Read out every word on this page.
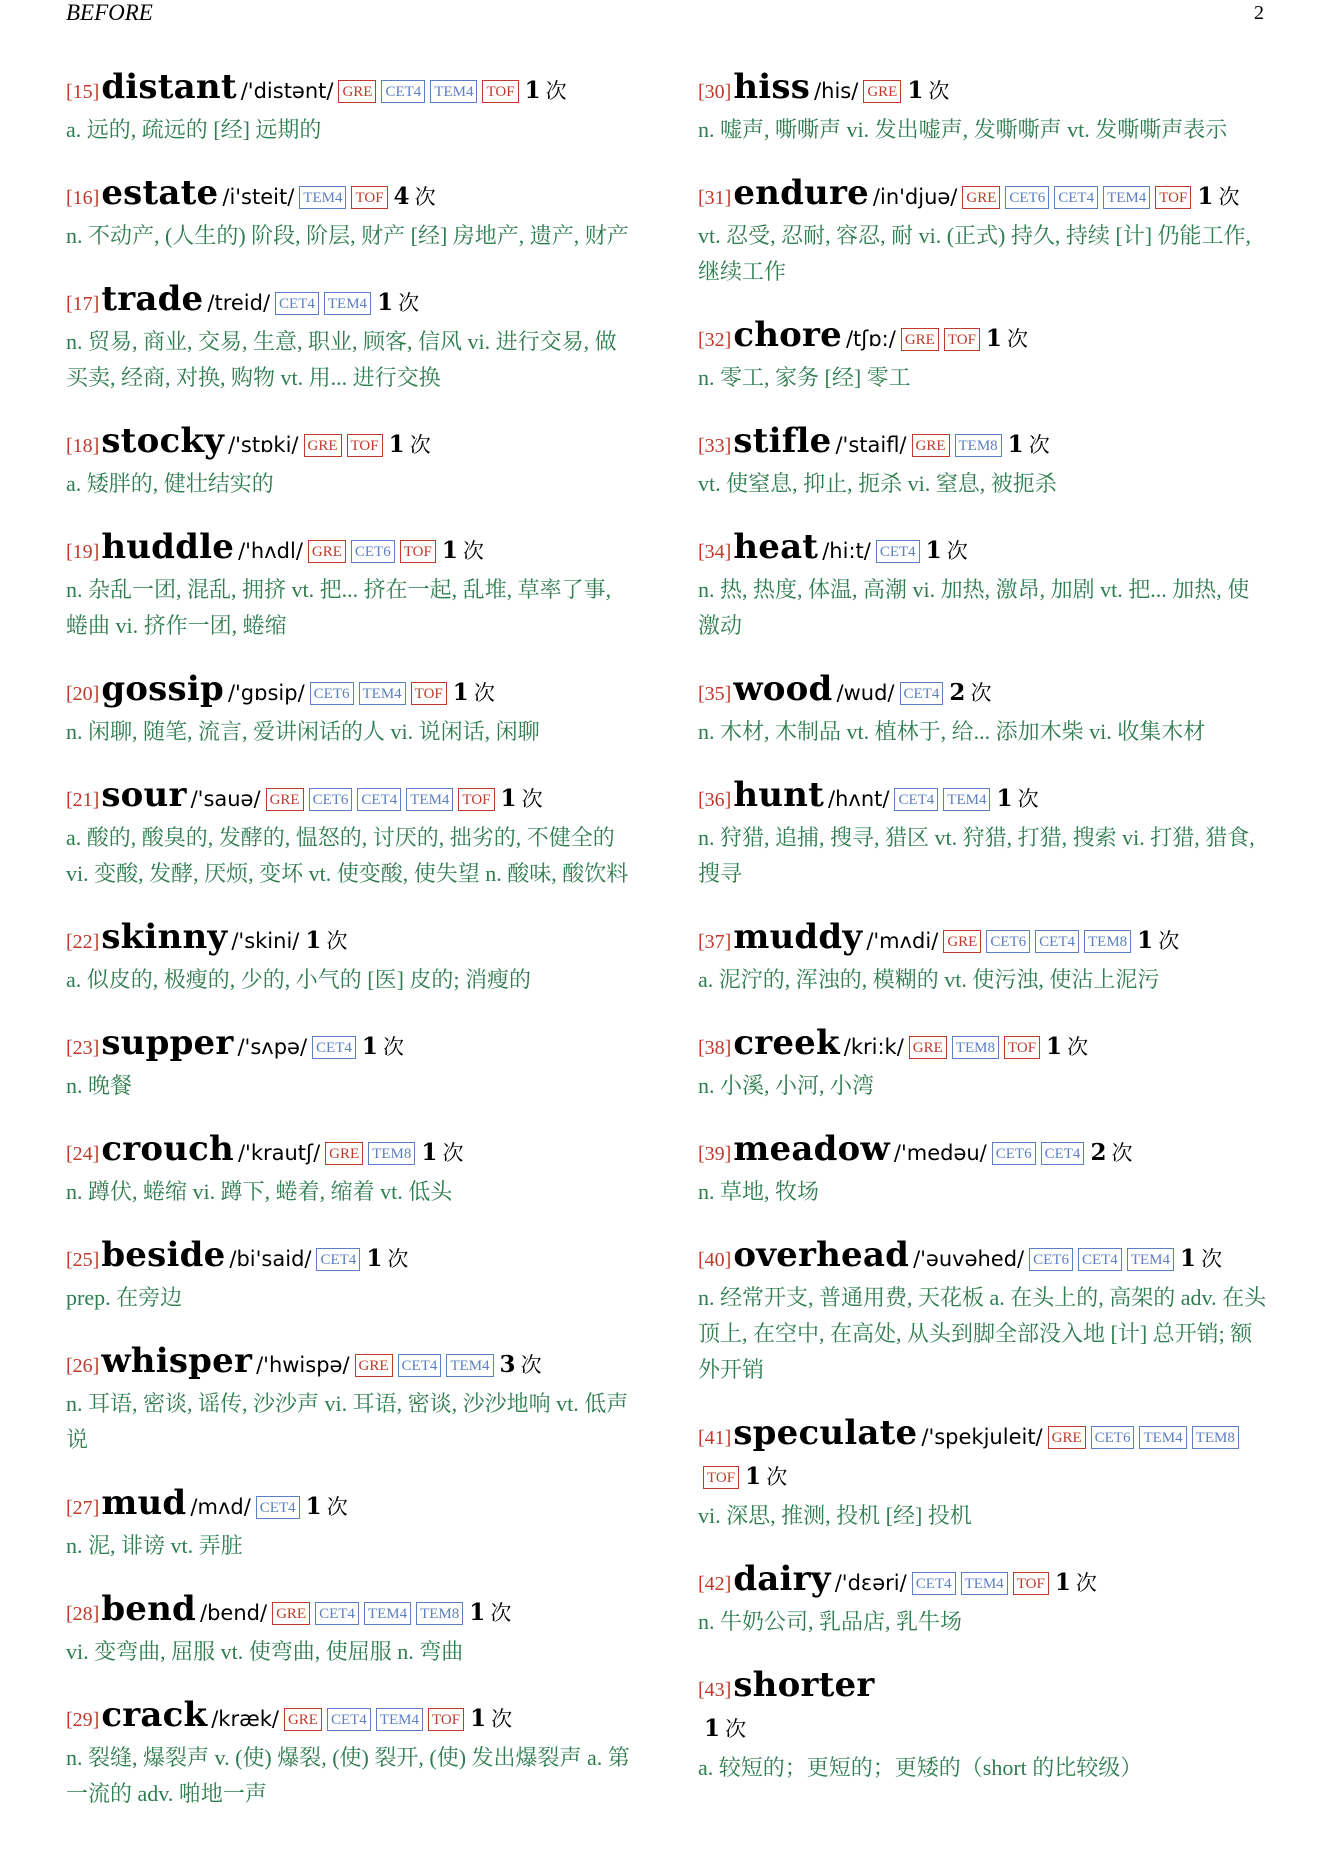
BEFORE	2
[15]distant /'distənt/ GRE CET4 TEM4 TOF 1 次
a. 远的, 疏远的 [经] 远期的
[16]estate /i'steit/ TEM4 TOF 4 次
n. 不动产, (人生的) 阶段, 阶层, 财产 [经] 房地产, 遗产, 财产
[17]trade /treid/ CET4 TEM4 1 次
n. 贸易, 商业, 交易, 生意, 职业, 顾客, 信风 vi. 进行交易, 做买卖, 经商, 对换, 购物 vt. 用... 进行交换
[18]stocky /'stɒki/ GRE TOF 1 次
a. 矮胖的, 健壮结实的
[19]huddle /'hʌdl/ GRE CET6 TOF 1 次
n. 杂乱一团, 混乱, 拥挤 vt. 把... 挤在一起, 乱堆, 草率了事, 蜷曲 vi. 挤作一团, 蜷缩
[20]gossip /'gɒsip/ CET6 TEM4 TOF 1 次
n. 闲聊, 随笔, 流言, 爱讲闲话的人 vi. 说闲话, 闲聊
[21]sour /'sauə/ GRE CET6 CET4 TEM4 TOF 1 次
a. 酸的, 酸臭的, 发酵的, 愠怒的, 讨厌的, 拙劣的, 不健全的 vi. 变酸, 发酵, 厌烦, 变坏 vt. 使变酸, 使失望 n. 酸味, 酸饮料
[22]skinny /'skini/ 1 次
a. 似皮的, 极瘦的, 少的, 小气的 [医] 皮的; 消瘦的
[23]supper /'sʌpə/ CET4 1 次
n. 晚餐
[24]crouch /'krautʃ/ GRE TEM8 1 次
n. 蹲伏, 蜷缩 vi. 蹲下, 蜷着, 缩着 vt. 低头
[25]beside /bi'said/ CET4 1 次
prep. 在旁边
[26]whisper /'hwispə/ GRE CET4 TEM4 3 次
n. 耳语, 密谈, 谣传, 沙沙声 vi. 耳语, 密谈, 沙沙地响 vt. 低声说
[27]mud /mʌd/ CET4 1 次
n. 泥, 诽谤 vt. 弄脏
[28]bend /bend/ GRE CET4 TEM4 TEM8 1 次
vi. 变弯曲, 屈服 vt. 使弯曲, 使屈服 n. 弯曲
[29]crack /kræk/ GRE CET4 TEM4 TOF 1 次
n. 裂缝, 爆裂声 v. (使) 爆裂, (使) 裂开, (使) 发出爆裂声 a. 第一流的 adv. 啪地一声
[30]hiss /his/ GRE 1 次
n. 嘘声, 嘶嘶声 vi. 发出嘘声, 发嘶嘶声 vt. 发嘶嘶声表示
[31]endure /in'djuə/ GRE CET6 CET4 TEM4 TOF 1 次
vt. 忍受, 忍耐, 容忍, 耐 vi. (正式) 持久, 持续 [计] 仍能工作, 继续工作
[32]chore /tʃɒ:/ GRE TOF 1 次
n. 零工, 家务 [经] 零工
[33]stifle /'staifl/ GRE TEM8 1 次
vt. 使窒息, 抑止, 扼杀 vi. 窒息, 被扼杀
[34]heat /hi:t/ CET4 1 次
n. 热, 热度, 体温, 高潮 vi. 加热, 激昂, 加剧 vt. 把... 加热, 使激动
[35]wood /wud/ CET4 2 次
n. 木材, 木制品 vt. 植林于, 给... 添加木柴 vi. 收集木材
[36]hunt /hʌnt/ CET4 TEM4 1 次
n. 狩猎, 追捕, 搜寻, 猎区 vt. 狩猎, 打猎, 搜索 vi. 打猎, 猎食, 搜寻
[37]muddy /'mʌdi/ GRE CET6 CET4 TEM8 1 次
a. 泥泞的, 浑浊的, 模糊的 vt. 使污浊, 使沾上泥污
[38]creek /kri:k/ GRE TEM8 TOF 1 次
n. 小溪, 小河, 小湾
[39]meadow /'medəu/ CET6 CET4 2 次
n. 草地, 牧场
[40]overhead /'əuvəhed/ CET6 CET4 TEM4 1 次
n. 经常开支, 普通用费, 天花板 a. 在头上的, 高架的 adv. 在头顶上, 在空中, 在高处, 从头到脚全部没入地 [计] 总开销; 额外开销
[41]speculate /'spekjuleit/ GRE CET6 TEM4 TEM8TOF 1 次
vi. 深思, 推测, 投机 [经] 投机
[42]dairy /'dɛəri/ CET4 TEM4 TOF 1 次
n. 牛奶公司, 乳品店, 乳牛场
[43]shorter
1 次
a. 较短的；更短的；更矮的（short 的比较级）
